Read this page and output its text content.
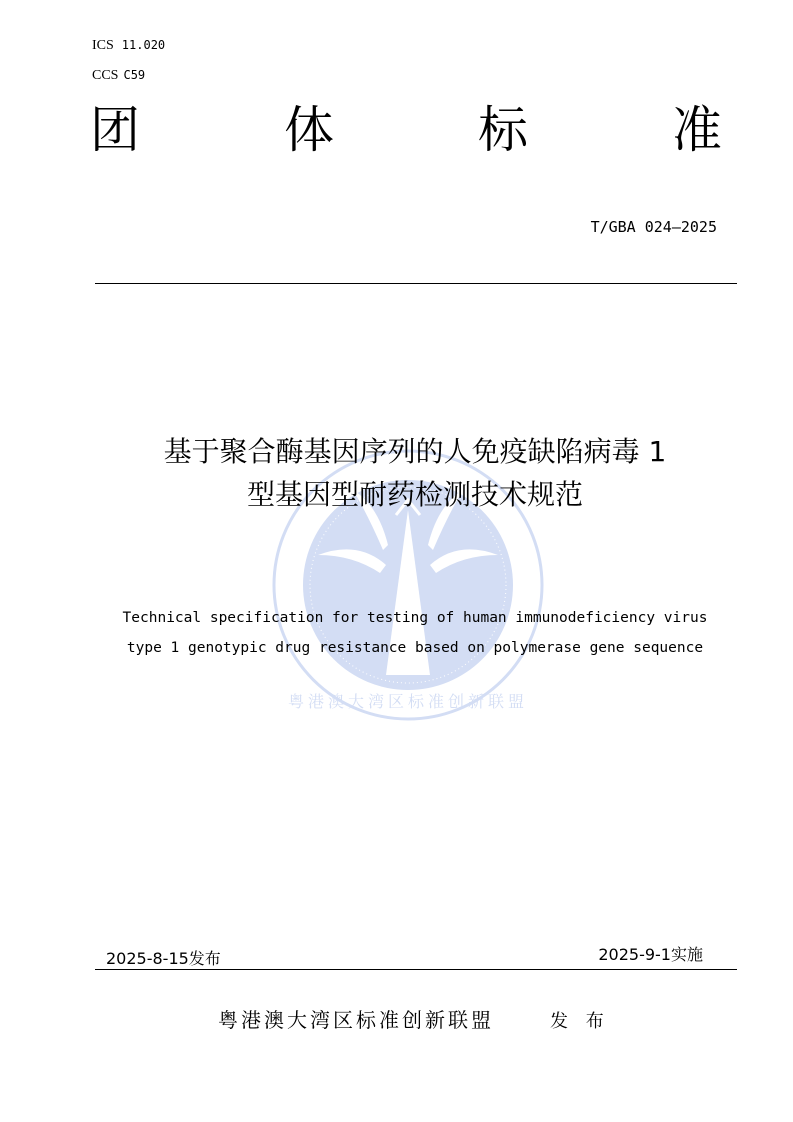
粤港澳大湾区标准创新联盟
ICS 11.020
CCS C59
团	体	标	准
T/GBA 024—2025
基于聚合酶基因序列的人免疫缺陷病毒 1
型基因型耐药检测技术规范
Technical specification for testing of human immunodeficiency virus
type 1 genotypic drug resistance based on polymerase gene sequence
2025-8-15发布	2025-9-1实施
粤港澳大湾区标准创新联盟	发 布
